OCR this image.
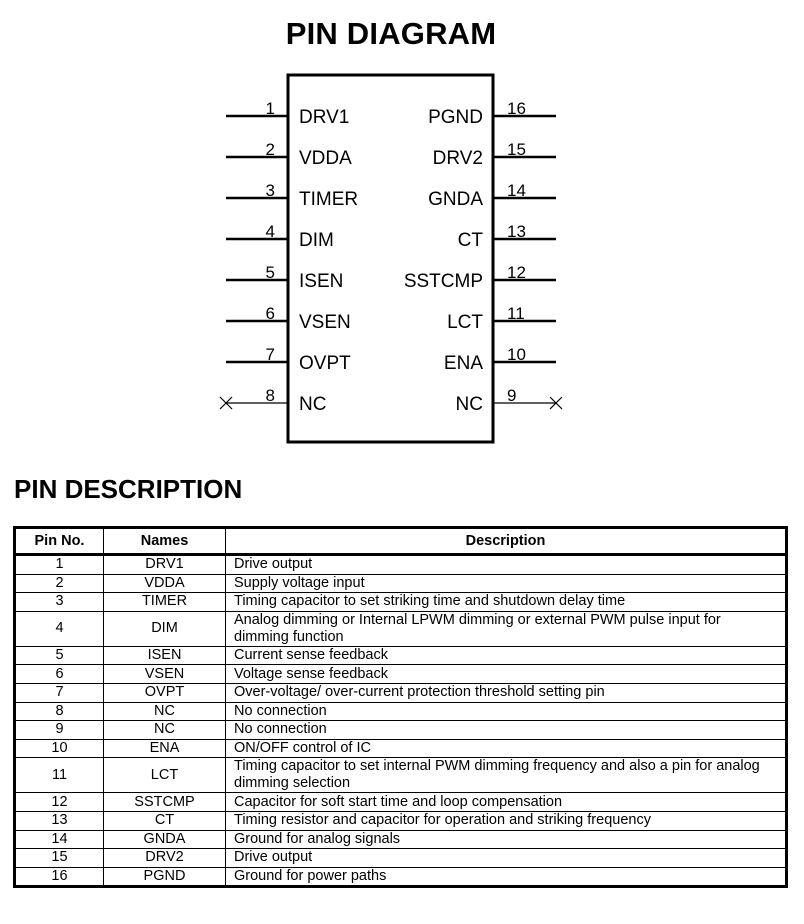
PIN DIAGRAM
1 DRV1
2 VDDA
3 TIMER
4 DIM
5 ISEN
6 VSEN
7 OVPT
8 NC
16
PGND
15
DRV2
14
GNDA
13
CT
12
SSTCMP
11
LCT
10
ENA
9
NC
PIN DESCRIPTION
Pin No.	Names	Description
1	DRV1	Drive output
2	VDDA	Supply voltage input
3	TIMER	Timing capacitor to set striking time and shutdown delay time
4	DIM	Analog dimming or Internal LPWM dimming or external PWM pulse input for dimming function
5	ISEN	Current sense feedback
6	VSEN	Voltage sense feedback
7	OVPT	Over-voltage/ over-current protection threshold setting pin
8	NC	No connection
9	NC	No connection
10	ENA	ON/OFF control of IC
11	LCT	Timing capacitor to set internal PWM dimming frequency and also a pin for analog dimming selection
12	SSTCMP	Capacitor for soft start time and loop compensation
13	CT	Timing resistor and capacitor for operation and striking frequency
14	GNDA	Ground for analog signals
15	DRV2	Drive output
16	PGND	Ground for power paths
